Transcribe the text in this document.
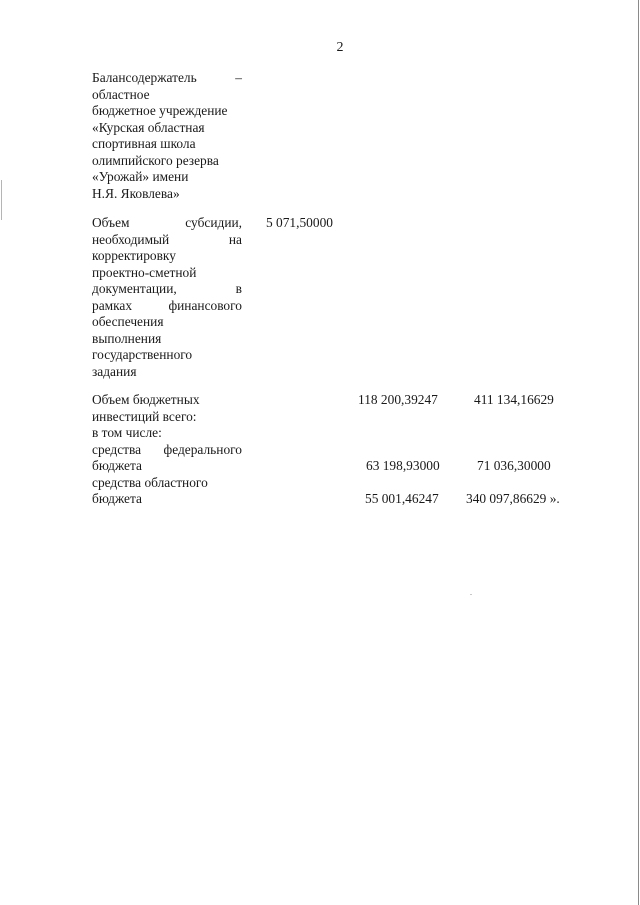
2
Балансодержатель –
областное
бюджетное учреждение
«Курская областная
спортивная школа
олимпийского резерва
«Урожай» имени
Н.Я. Яковлева»
Объем субсидии,
необходимый на
корректировку
проектно-сметной
документации, в
рамках финансового
обеспечения
выполнения
государственного
задания
5 071,50000
Объем бюджетных
инвестиций всего:
в том числе:
средства федерального
бюджета
средства областного
бюджета
118 200,39247	411 134,16629
63 198,93000	71 036,30000
55 001,46247 340 097,86629 ».
